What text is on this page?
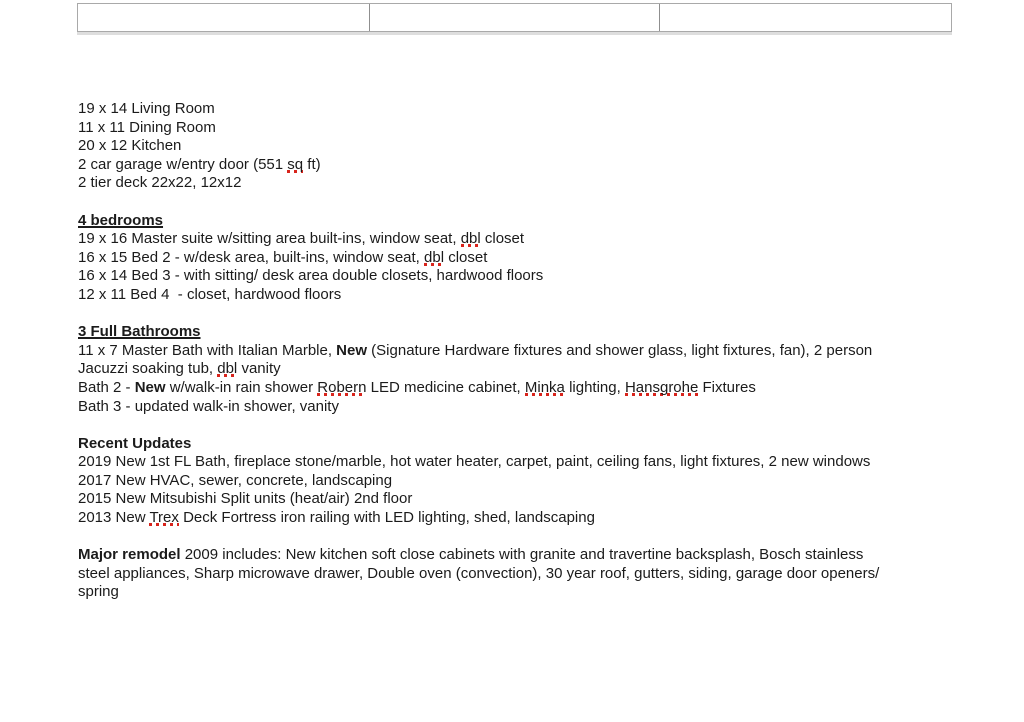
19 x 14 Living Room
11 x 11 Dining Room
20 x 12 Kitchen
2 car garage w/entry door (551 sq ft)
2 tier deck 22x22, 12x12
4 bedrooms
19 x 16 Master suite w/sitting area built-ins, window seat, dbl closet
16 x 15 Bed 2 - w/desk area, built-ins, window seat, dbl closet
16 x 14 Bed 3 - with sitting/ desk area double closets, hardwood floors
12 x 11 Bed 4  - closet, hardwood floors
3 Full Bathrooms
11 x 7 Master Bath with Italian Marble, New (Signature Hardware fixtures and shower glass, light fixtures, fan), 2 person
Jacuzzi soaking tub, dbl vanity
Bath 2 - New w/walk-in rain shower Robern LED medicine cabinet, Minka lighting, Hansgrohe Fixtures
Bath 3 - updated walk-in shower, vanity
Recent Updates
2019 New 1st FL Bath, fireplace stone/marble, hot water heater, carpet, paint, ceiling fans, light fixtures, 2 new windows
2017 New HVAC, sewer, concrete, landscaping
2015 New Mitsubishi Split units (heat/air) 2nd floor
2013 New Trex Deck Fortress iron railing with LED lighting, shed, landscaping
Major remodel 2009 includes: New kitchen soft close cabinets with granite and travertine backsplash, Bosch stainless
steel appliances, Sharp microwave drawer, Double oven (convection), 30 year roof, gutters, siding, garage door openers/
spring
